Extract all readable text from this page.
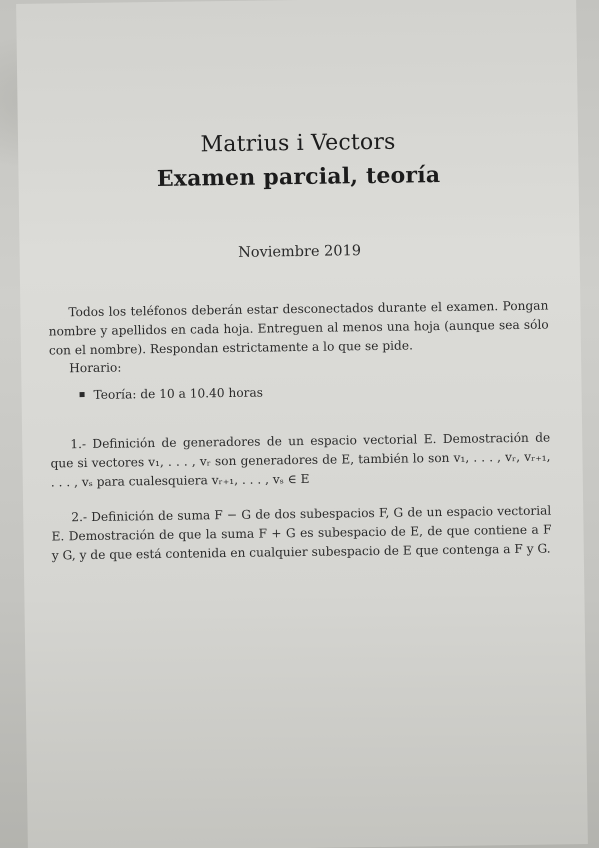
Matrius i Vectors
Examen parcial, teoría
Noviembre 2019
Todos los teléfonos deberán estar desconectados durante el examen. Pongan nombre y apellidos en cada hoja. Entreguen al menos una hoja (aunque sea sólo con el nombre). Respondan estrictamente a lo que se pide.
Horario:
Teoría: de 10 a 10.40 horas
1.- Definición de generadores de un espacio vectorial E. Demostración de que si vectores v₁, . . . , vᵣ son generadores de E, también lo son v₁, . . . , vᵣ, vᵣ₊₁, . . . , vₛ para cualesquiera vᵣ₊₁, . . . , vₛ ∈ E
2.- Definición de suma F − G de dos subespacios F, G de un espacio vectorial E. Demostración de que la suma F + G es subespacio de E, de que contiene a F y G, y de que está contenida en cualquier subespacio de E que contenga a F y G.
